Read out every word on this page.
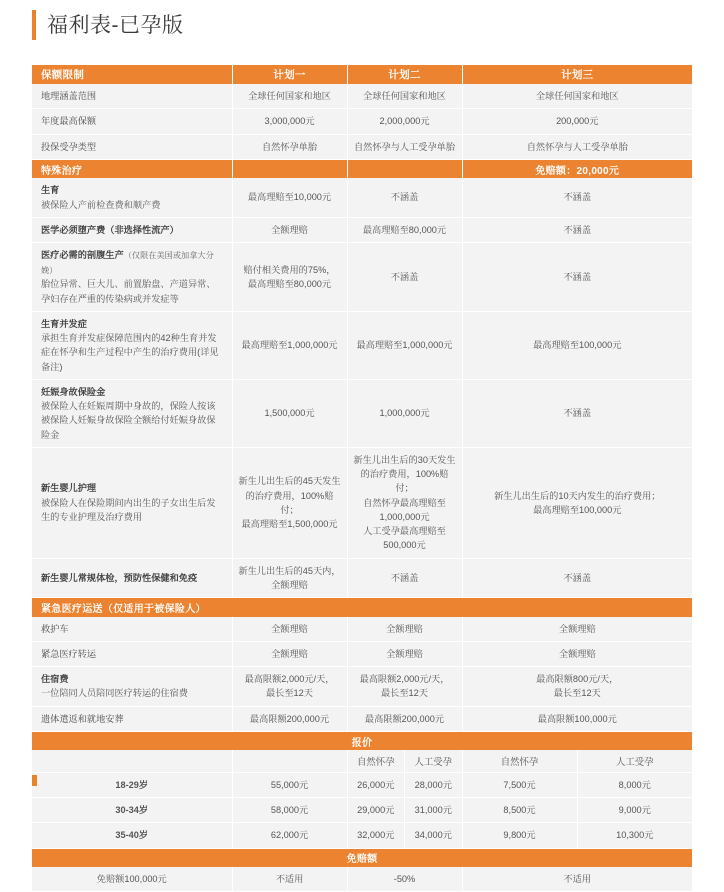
福利表-已孕版
保额限制	计划一	计划二		计划三	
地理涵盖范围	全球任何国家和地区	全球任何国家和地区		全球任何国家和地区	
年度最高保额	3,000,000元	2,000,000元		200,000元	
投保受孕类型	自然怀孕单胎	自然怀孕与人工受孕单胎		自然怀孕与人工受孕单胎	
特殊治疗				免赔额：20,000元	

生育
被保险人产前检查费和顺产费	最高理赔至10,000元	不涵盖		不涵盖	

医学必须堕产费（非选择性流产）	全额理赔	最高理赔至80,000元		不涵盖	

医疗必需的剖腹生产（仅限在美国或加拿大分娩）
胎位异常、巨大儿、前置胎盘、产道异常、孕妇存在严重的传染病或并发症等	赔付相关费用的75%，
最高理赔至80,000元	不涵盖		不涵盖	

生育并发症
承担生育并发症保障范围内的42种生育并发症在怀孕和生产过程中产生的治疗费用(详见备注)	最高理赔至1,000,000元	最高理赔至1,000,000元		最高理赔至100,000元	

妊娠身故保险金
被保险人在妊娠周期中身故的，保险人按该被保险人妊娠身故保险全额给付妊娠身故保险金	1,500,000元	1,000,000元		不涵盖	

新生婴儿护理
被保险人在保险期间内出生的子女出生后发生的专业护理及治疗费用	新生儿出生后的45天发生的治疗费用，100%赔付；
最高理赔至1,500,000元	新生儿出生后的30天发生的治疗费用，100%赔付；
自然怀孕最高理赔至1,000,000元
人工受孕最高理赔至500,000元		新生儿出生后的10天内发生的治疗费用；
最高理赔至100,000元	

新生婴儿常规体检，预防性保健和免疫	新生儿出生后的45天内，全额理赔	不涵盖		不涵盖	
紧急医疗运送（仅适用于被保险人）					
救护车	全额理赔	全额理赔		全额理赔	
紧急医疗转运	全额理赔	全额理赔		全额理赔	

住宿费
一位陪同人员陪同医疗转运的住宿费	最高限额2,000元/天，
最长至12天	最高限额2,000元/天，
最长至12天		最高限额800元/天，
最长至12天	
遗体遣返和就地安葬	最高限额200,000元	最高限额200,000元		最高限额100,000元	
报价					
		自然怀孕	人工受孕	自然怀孕	人工受孕
18-29岁	55,000元	26,000元	28,000元	7,500元	8,000元
30-34岁	58,000元	29,000元	31,000元	8,500元	9,000元
35-40岁	62,000元	32,000元	34,000元	9,800元	10,300元
免赔额					
免赔额100,000元	不适用	-50%		不适用	
